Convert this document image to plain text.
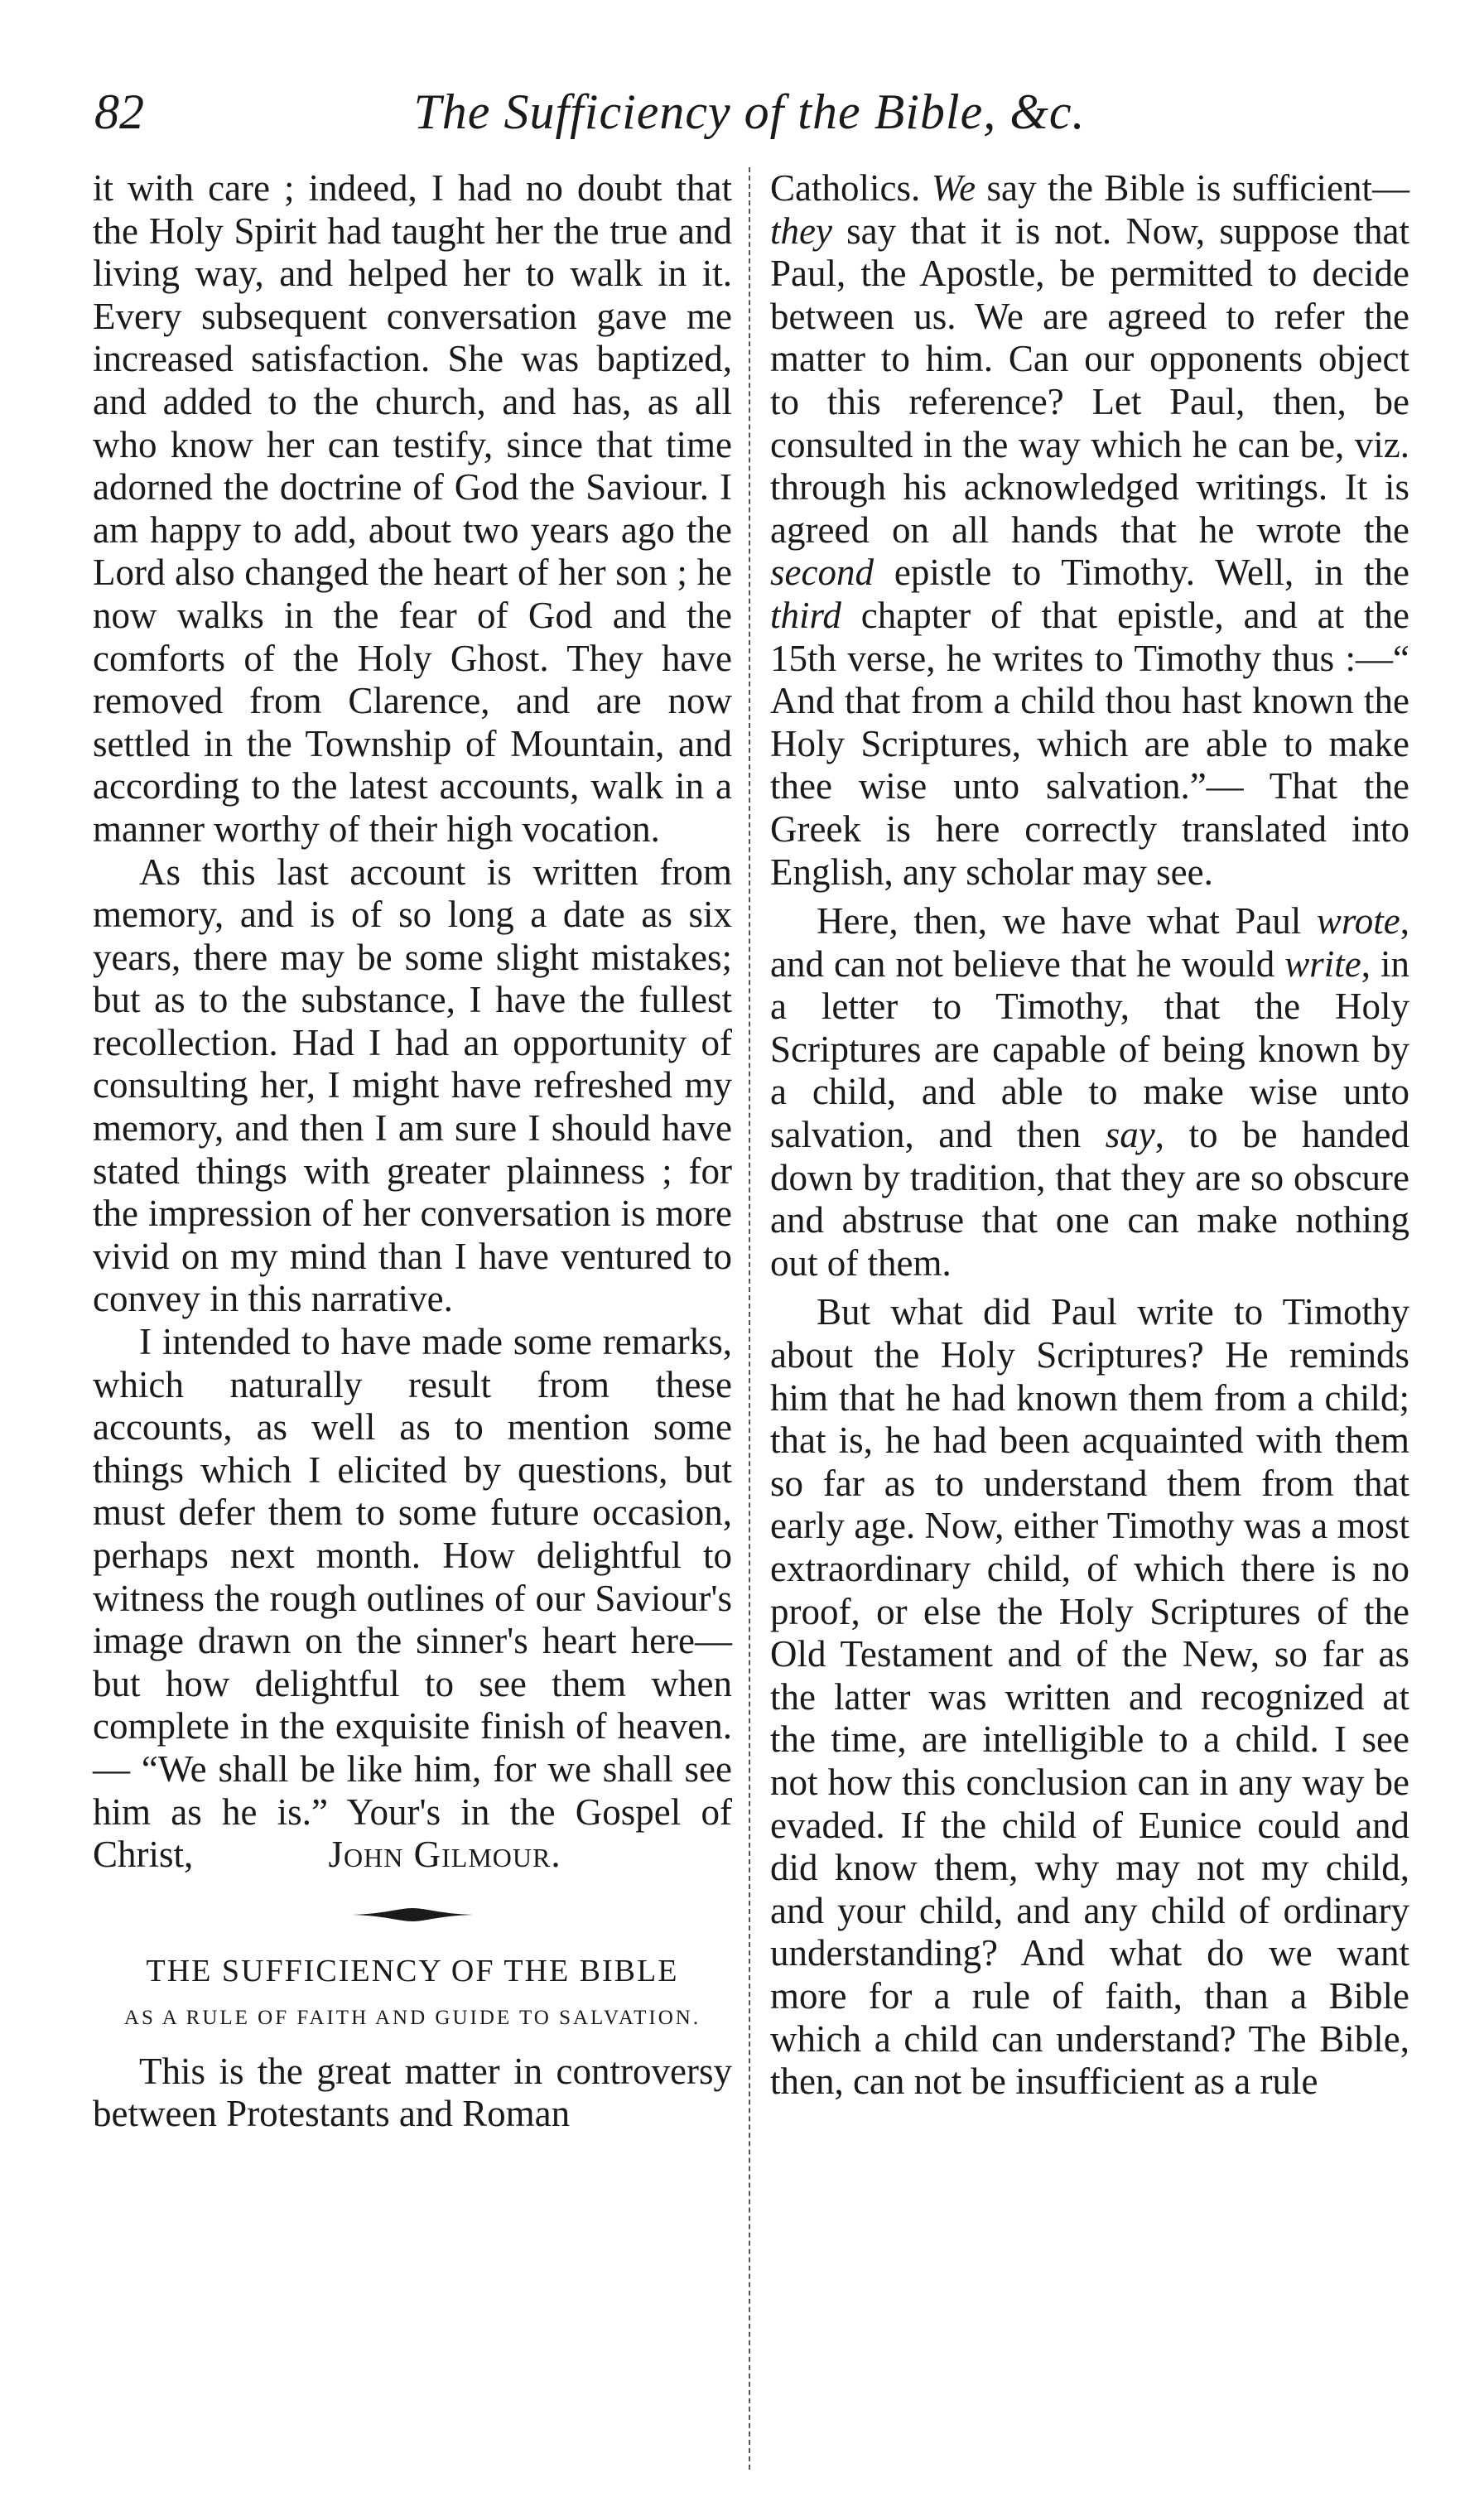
82	The Sufficiency of the Bible, &c.

it with care ; indeed, I had no doubt that the Holy Spirit had taught her the true and living way, and helped her to walk in it. Every subsequent conversation gave me increased satisfaction. She was baptized, and added to the church, and has, as all who know her can testify, since that time adorned the doctrine of God the Saviour. I am happy to add, about two years ago the Lord also changed the heart of her son ; he now walks in the fear of God and the comforts of the Holy Ghost. They have removed from Clarence, and are now settled in the Township of Mountain, and according to the latest accounts, walk in a manner worthy of their high vocation.

As this last account is written from memory, and is of so long a date as six years, there may be some slight mistakes; but as to the substance, I have the fullest recollection. Had I had an opportunity of consulting her, I might have refreshed my memory, and then I am sure I should have stated things with greater plainness ; for the impression of her conversation is more vivid on my mind than I have ventured to convey in this narrative.

I intended to have made some remarks, which naturally result from these accounts, as well as to mention some things which I elicited by questions, but must defer them to some future occasion, perhaps next month. How delightful to witness the rough outlines of our Saviour's image drawn on the sinner's heart here—but how delightful to see them when complete in the exquisite finish of heaven.— “We shall be like him, for we shall see him as he is.” Your's in the Gospel of Christ,	John Gilmour.

THE SUFFICIENCY OF THE BIBLE
AS A RULE OF FAITH AND GUIDE TO SALVATION.

This is the great matter in controversy between Protestants and Roman

Catholics. We say the Bible is sufficient—they say that it is not. Now, suppose that Paul, the Apostle, be permitted to decide between us. We are agreed to refer the matter to him. Can our opponents object to this reference? Let Paul, then, be consulted in the way which he can be, viz. through his acknowledged writings. It is agreed on all hands that he wrote the second epistle to Timothy. Well, in the third chapter of that epistle, and at the 15th verse, he writes to Timothy thus :—“ And that from a child thou hast known the Holy Scriptures, which are able to make thee wise unto salvation.”— That the Greek is here correctly translated into English, any scholar may see.

Here, then, we have what Paul wrote, and can not believe that he would write, in a letter to Timothy, that the Holy Scriptures are capable of being known by a child, and able to make wise unto salvation, and then say, to be handed down by tradition, that they are so obscure and abstruse that one can make nothing out of them.

But what did Paul write to Timothy about the Holy Scriptures? He reminds him that he had known them from a child; that is, he had been acquainted with them so far as to understand them from that early age. Now, either Timothy was a most extraordinary child, of which there is no proof, or else the Holy Scriptures of the Old Testament and of the New, so far as the latter was written and recognized at the time, are intelligible to a child. I see not how this conclusion can in any way be evaded. If the child of Eunice could and did know them, why may not my child, and your child, and any child of ordinary understanding? And what do we want more for a rule of faith, than a Bible which a child can understand? The Bible, then, can not be insufficient as a rule
